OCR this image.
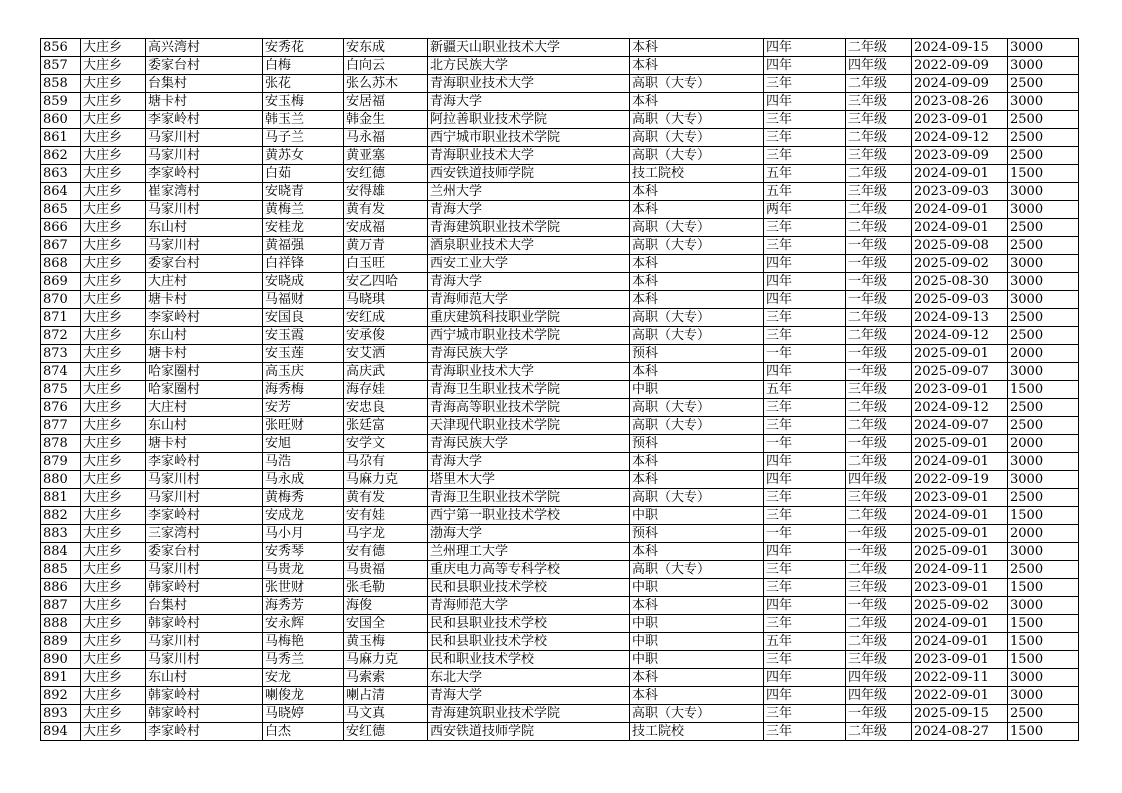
856	大庄乡	高兴湾村	安秀花	安东成	新疆天山职业技术大学	本科	四年	二年级	2024-09-15	3000
857	大庄乡	委家台村	白梅	白向云	北方民族大学	本科	四年	四年级	2022-09-09	3000
858	大庄乡	台集村	张花	张么苏木	青海职业技术大学	高职（大专）	三年	二年级	2024-09-09	2500
859	大庄乡	塘卡村	安玉梅	安居福	青海大学	本科	四年	三年级	2023-08-26	3000
860	大庄乡	李家岭村	韩玉兰	韩金生	阿拉善职业技术学院	高职（大专）	三年	三年级	2023-09-01	2500
861	大庄乡	马家川村	马子兰	马永福	西宁城市职业技术学院	高职（大专）	三年	二年级	2024-09-12	2500
862	大庄乡	马家川村	黄苏女	黄亚塞	青海职业技术大学	高职（大专）	三年	三年级	2023-09-09	2500
863	大庄乡	李家岭村	白茹	安红德	西安铁道技师学院	技工院校	五年	二年级	2024-09-01	1500
864	大庄乡	崔家湾村	安晓青	安得雄	兰州大学	本科	五年	三年级	2023-09-03	3000
865	大庄乡	马家川村	黄梅兰	黄有发	青海大学	本科	两年	二年级	2024-09-01	3000
866	大庄乡	东山村	安桂龙	安成福	青海建筑职业技术学院	高职（大专）	三年	二年级	2024-09-01	2500
867	大庄乡	马家川村	黄福强	黄万青	酒泉职业技术大学	高职（大专）	三年	一年级	2025-09-08	2500
868	大庄乡	委家台村	白祥锋	白玉旺	西安工业大学	本科	四年	一年级	2025-09-02	3000
869	大庄乡	大庄村	安晓成	安乙四哈	青海大学	本科	四年	一年级	2025-08-30	3000
870	大庄乡	塘卡村	马福财	马晓琪	青海师范大学	本科	四年	一年级	2025-09-03	3000
871	大庄乡	李家岭村	安国良	安红成	重庆建筑科技职业学院	高职（大专）	三年	二年级	2024-09-13	2500
872	大庄乡	东山村	安玉霞	安承俊	西宁城市职业技术学院	高职（大专）	三年	二年级	2024-09-12	2500
873	大庄乡	塘卡村	安玉莲	安艾洒	青海民族大学	预科	一年	一年级	2025-09-01	2000
874	大庄乡	哈家圈村	高玉庆	高庆武	青海职业技术大学	本科	四年	一年级	2025-09-07	3000
875	大庄乡	哈家圈村	海秀梅	海存娃	青海卫生职业技术学院	中职	五年	三年级	2023-09-01	1500
876	大庄乡	大庄村	安芳	安忠良	青海高等职业技术学院	高职（大专）	三年	二年级	2024-09-12	2500
877	大庄乡	东山村	张旺财	张廷富	天津现代职业技术学院	高职（大专）	三年	二年级	2024-09-07	2500
878	大庄乡	塘卡村	安旭	安学文	青海民族大学	预科	一年	一年级	2025-09-01	2000
879	大庄乡	李家岭村	马浩	马尕有	青海大学	本科	四年	二年级	2024-09-01	3000
880	大庄乡	马家川村	马永成	马麻力克	塔里木大学	本科	四年	四年级	2022-09-19	3000
881	大庄乡	马家川村	黄梅秀	黄有发	青海卫生职业技术学院	高职（大专）	三年	三年级	2023-09-01	2500
882	大庄乡	李家岭村	安成龙	安有娃	西宁第一职业技术学校	中职	三年	二年级	2024-09-01	1500
883	大庄乡	三家湾村	马小月	马字龙	渤海大学	预科	一年	一年级	2025-09-01	2000
884	大庄乡	委家台村	安秀琴	安有德	兰州理工大学	本科	四年	一年级	2025-09-01	3000
885	大庄乡	马家川村	马贵龙	马贵福	重庆电力高等专科学校	高职（大专）	三年	二年级	2024-09-11	2500
886	大庄乡	韩家岭村	张世财	张毛勒	民和县职业技术学校	中职	三年	三年级	2023-09-01	1500
887	大庄乡	台集村	海秀芳	海俊	青海师范大学	本科	四年	一年级	2025-09-02	3000
888	大庄乡	韩家岭村	安永辉	安国全	民和县职业技术学校	中职	三年	二年级	2024-09-01	1500
889	大庄乡	马家川村	马梅艳	黄玉梅	民和县职业技术学校	中职	五年	二年级	2024-09-01	1500
890	大庄乡	马家川村	马秀兰	马麻力克	民和职业技术学校	中职	三年	三年级	2023-09-01	1500
891	大庄乡	东山村	安龙	马索索	东北大学	本科	四年	四年级	2022-09-11	3000
892	大庄乡	韩家岭村	喇俊龙	喇占清	青海大学	本科	四年	四年级	2022-09-01	3000
893	大庄乡	韩家岭村	马晓婷	马文真	青海建筑职业技术学院	高职（大专）	三年	一年级	2025-09-15	2500
894	大庄乡	李家岭村	白杰	安红德	西安铁道技师学院	技工院校	三年	二年级	2024-08-27	1500
